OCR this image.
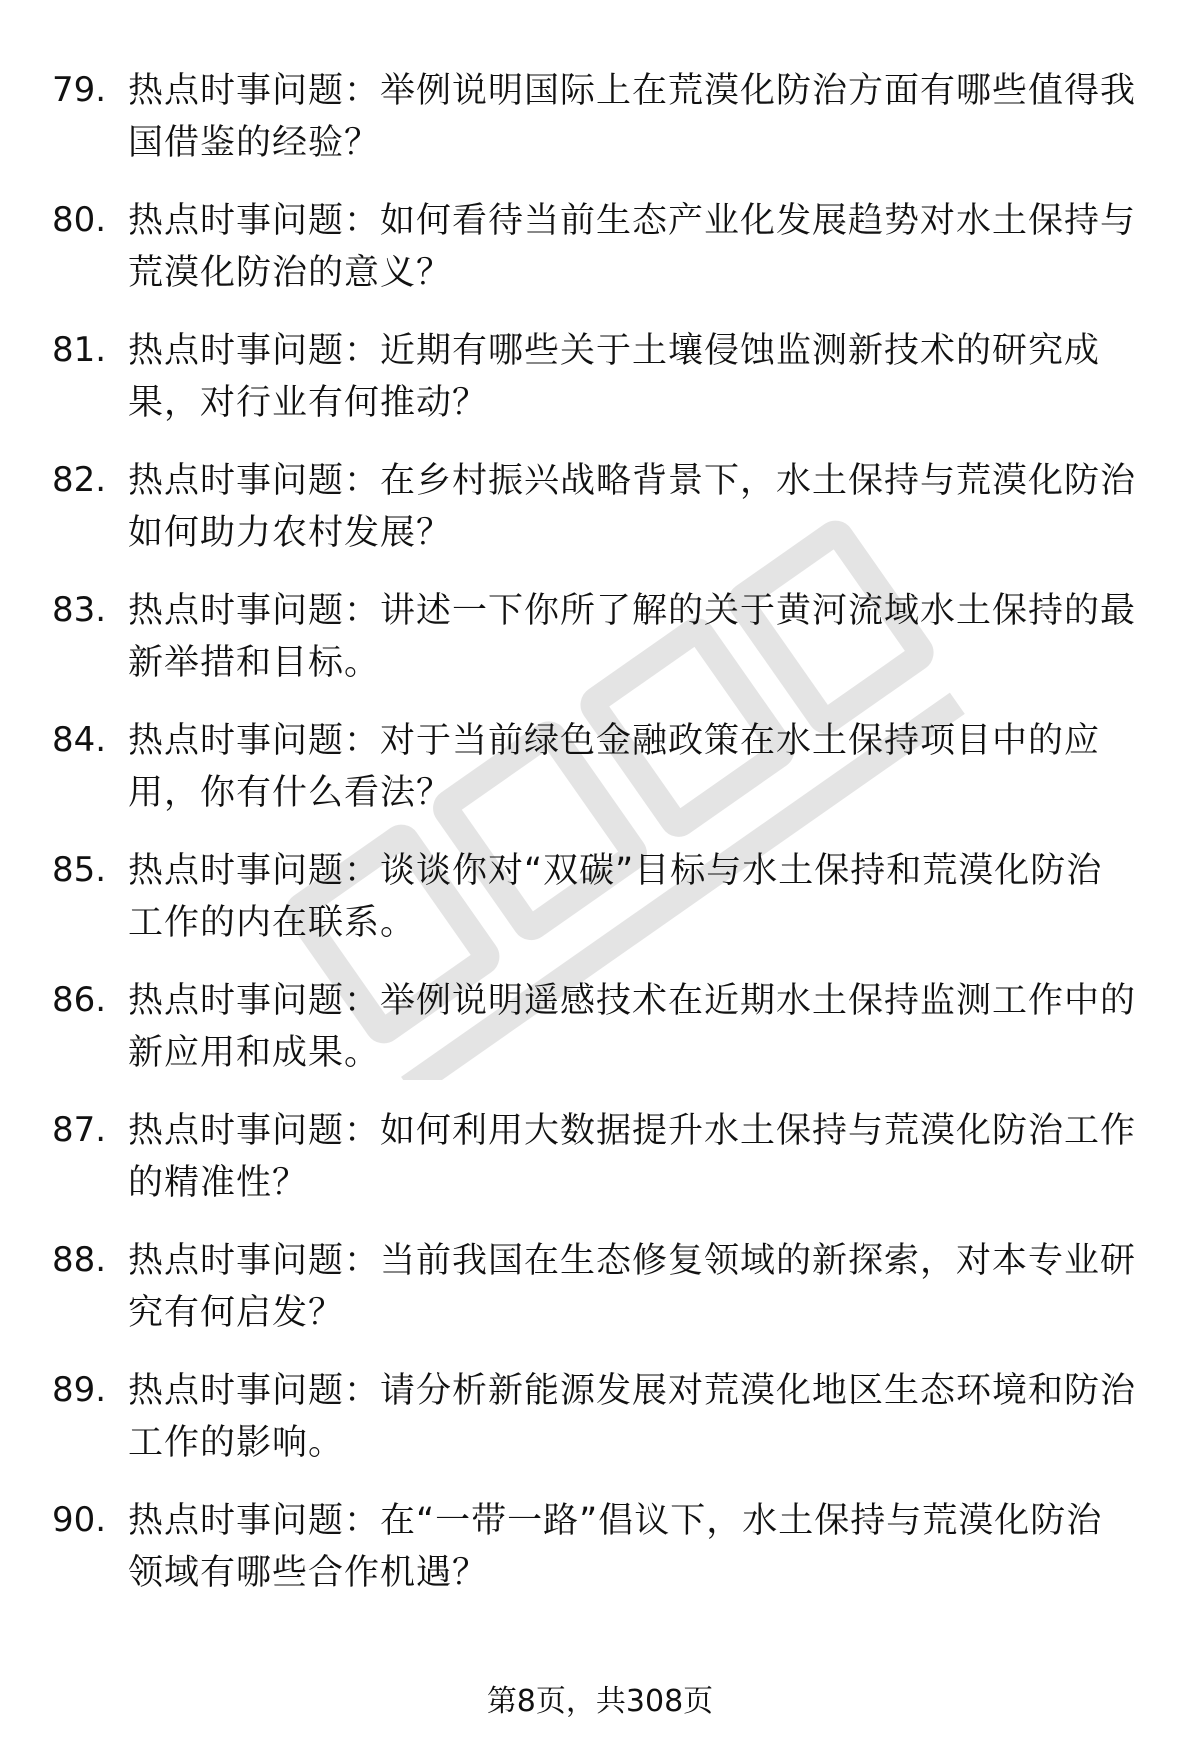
79. 热点时事问题：举例说明国际上在荒漠化防治方面有哪些值得我
国借鉴的经验？
80. 热点时事问题：如何看待当前生态产业化发展趋势对水土保持与
荒漠化防治的意义？
81. 热点时事问题：近期有哪些关于土壤侵蚀监测新技术的研究成
果，对行业有何推动？
82. 热点时事问题：在乡村振兴战略背景下，水土保持与荒漠化防治
如何助力农村发展？
83. 热点时事问题：讲述一下你所了解的关于黄河流域水土保持的最
新举措和目标。
84. 热点时事问题：对于当前绿色金融政策在水土保持项目中的应
用，你有什么看法？
85. 热点时事问题：谈谈你对“双碳”目标与水土保持和荒漠化防治
工作的内在联系。
86. 热点时事问题：举例说明遥感技术在近期水土保持监测工作中的
新应用和成果。
87. 热点时事问题：如何利用大数据提升水土保持与荒漠化防治工作
的精准性？
88. 热点时事问题：当前我国在生态修复领域的新探索，对本专业研
究有何启发？
89. 热点时事问题：请分析新能源发展对荒漠化地区生态环境和防治
工作的影响。
90. 热点时事问题：在“一带一路”倡议下，水土保持与荒漠化防治
领域有哪些合作机遇？
第8页，共308页
